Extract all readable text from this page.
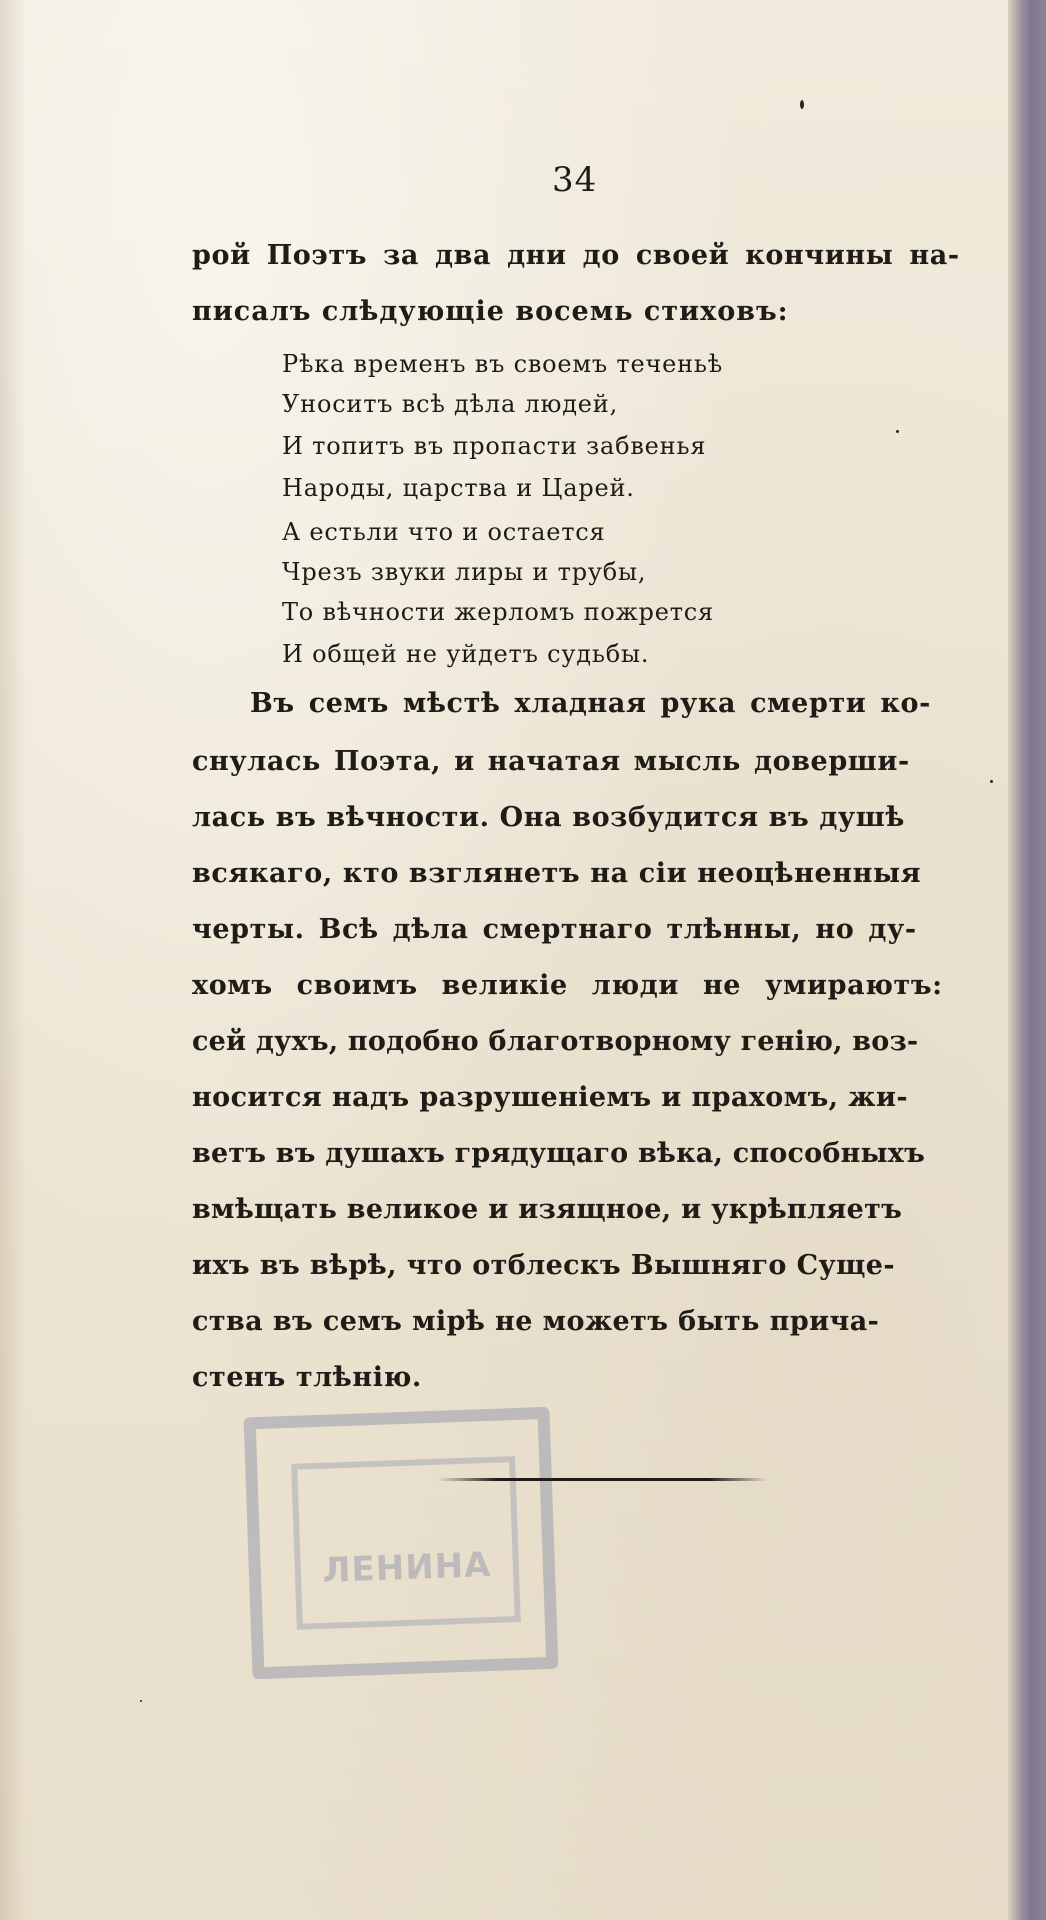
34
рой Поэтъ за два дни до своей кончины на-
писалъ слѣдующіе восемь стиховъ:
Рѣка временъ въ своемъ теченьѣ
Уноситъ всѣ дѣла людей,
И топитъ въ пропасти забвенья
Народы, царства и Царей.
А естьли что и остается
Чрезъ звуки лиры и трубы,
То вѣчности жерломъ пожрется
И общей не уйдетъ судьбы.
Въ семъ мѣстѣ хладная рука смерти ко-
снулась Поэта, и начатая мысль доверши-
лась въ вѣчности. Она возбудится въ душѣ
всякаго, кто взглянетъ на сіи неоцѣненныя
черты. Всѣ дѣла смертнаго тлѣнны, но ду-
хомъ своимъ великіе люди не умираютъ:
сей духъ, подобно благотворному генію, воз-
носится надъ разрушеніемъ и прахомъ, жи-
ветъ въ душахъ грядущаго вѣка, способныхъ
вмѣщать великое и изящное, и укрѣпляетъ
ихъ въ вѣрѣ, что отблескъ Вышняго Суще-
ства въ семъ мірѣ не можетъ быть прича-
стенъ тлѣнію.
ЛЕНИНА
